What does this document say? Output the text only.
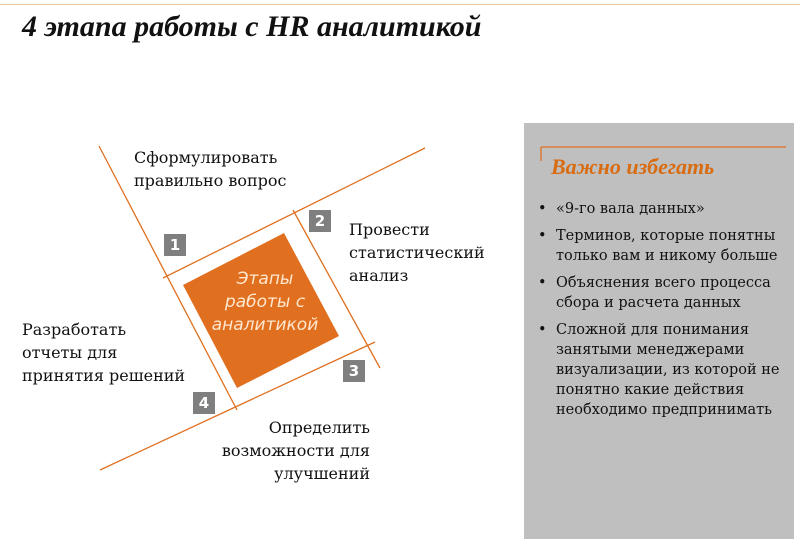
4 этапа работы с HR аналитикой
Этапы
работы с
аналитикой
Сформулировать
правильно вопрос
1
Провести
статистический
анализ
2
Определить
возможности для
улучшений
3
Разработать
отчеты для
принятия решений
4
Важно избегать
• «9-го вала данных»
• Терминов, которые понятны только вам и никому больше
• Объяснения всего процесса сбора и расчета данных
• Сложной для понимания занятыми менеджерами визуализации, из которой не понятно какие действия необходимо предпринимать
